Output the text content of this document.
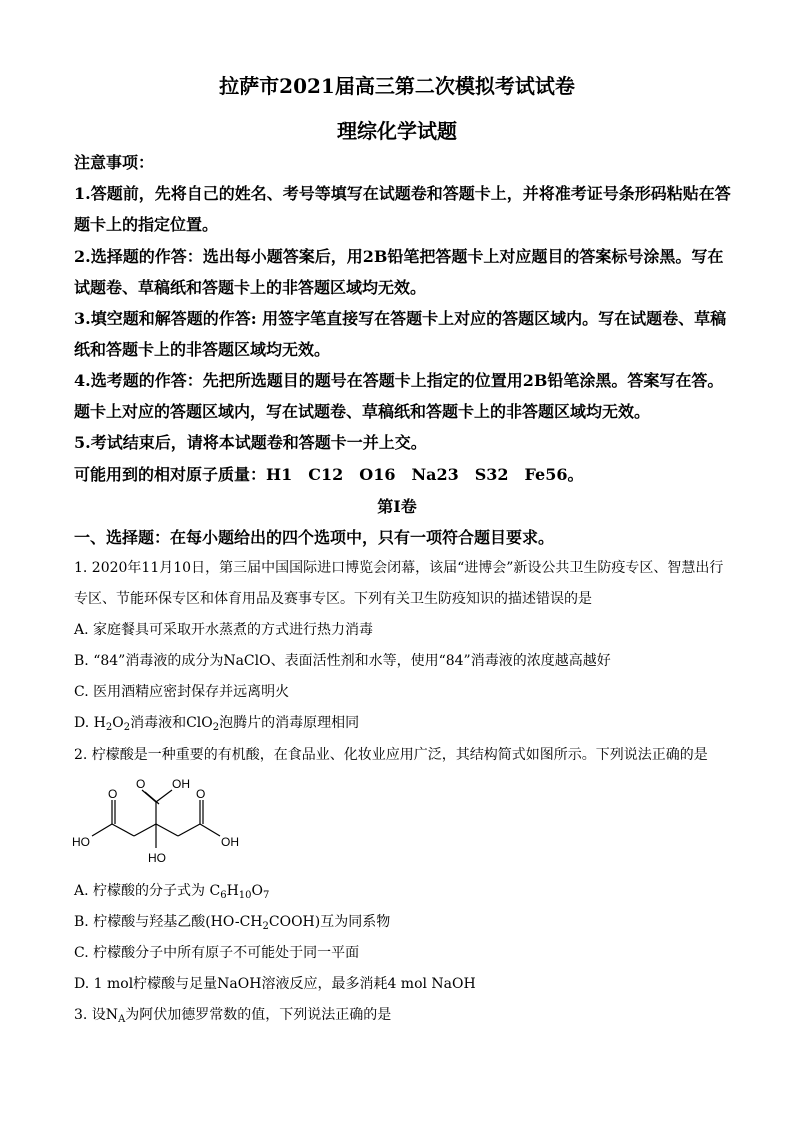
拉萨市2021届高三第二次模拟考试试卷
理综化学试题
注意事项：
1.答题前，先将自己的姓名、考号等填写在试题卷和答题卡上，并将准考证号条形码粘贴在答
题卡上的指定位置。
2.选择题的作答：选出每小题答案后，用2B铅笔把答题卡上对应题目的答案标号涂黑。写在
试题卷、草稿纸和答题卡上的非答题区域均无效。
3.填空题和解答题的作答: 用签字笔直接写在答题卡上对应的答题区域内。写在试题卷、草稿
纸和答题卡上的非答题区域均无效。
4.选考题的作答：先把所选题目的题号在答题卡上指定的位置用2B铅笔涂黑。答案写在答。
题卡上对应的答题区域内，写在试题卷、草稿纸和答题卡上的非答题区域均无效。
5.考试结束后，请将本试题卷和答题卡一并上交。
可能用到的相对原子质量：H1　C12　O16　Na23　S32　Fe56。
第I卷
一、选择题：在每小题给出的四个选项中，只有一项符合题目要求。
1. 2020年11月10日，第三届中国国际进口博览会闭幕，该届“进博会”新设公共卫生防疫专区、智慧出行
专区、节能环保专区和体育用品及赛事专区。下列有关卫生防疫知识的描述错误的是
A. 家庭餐具可采取开水蒸煮的方式进行热力消毒
B. “84”消毒液的成分为NaClO、表面活性剂和水等，使用“84”消毒液的浓度越高越好
C. 医用酒精应密封保存并远离明火
D. $H_2O_2$消毒液和ClO$_2$泡腾片的消毒原理相同
2. 柠檬酸是一种重要的有机酸，在食品业、化妆业应用广泛，其结构简式如图所示。下列说法正确的是
O OH
O	O
HO	OH
HO
A. 柠檬酸的分子式为 $C_6H_{10}O_7$
B. 柠檬酸与羟基乙酸$(HO-CH_2COOH)$互为同系物
C. 柠檬酸分子中所有原子不可能处于同一平面
D. 1 mol柠檬酸与足量NaOH溶液反应，最多消耗4 mol NaOH
3. 设$N_A$为阿伏加德罗常数的值，下列说法正确的是
